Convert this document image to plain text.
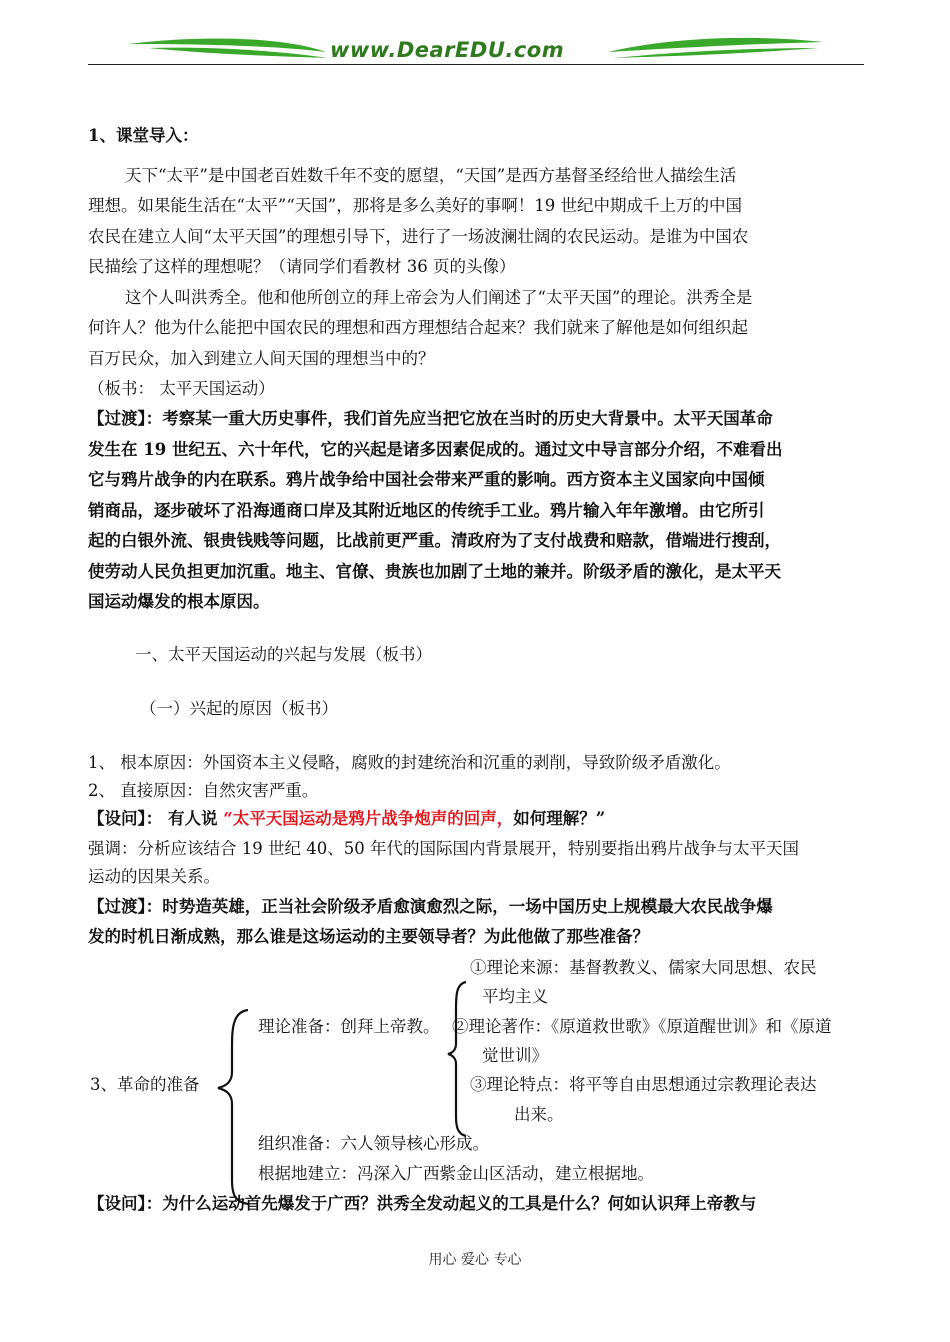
www.DearEDU.com
1、课堂导入：
天下“太平”是中国老百姓数千年不变的愿望，“天国”是西方基督圣经给世人描绘生活
理想。如果能生活在“太平”“天国”，那将是多么美好的事啊！19 世纪中期成千上万的中国
农民在建立人间“太平天国”的理想引导下，进行了一场波澜壮阔的农民运动。是谁为中国农
民描绘了这样的理想呢？（请同学们看教材 36 页的头像）
这个人叫洪秀全。他和他所创立的拜上帝会为人们阐述了“太平天国”的理论。洪秀全是
何许人？他为什么能把中国农民的理想和西方理想结合起来？我们就来了解他是如何组织起
百万民众，加入到建立人间天国的理想当中的？
（板书： 太平天国运动）
【过渡】：考察某一重大历史事件，我们首先应当把它放在当时的历史大背景中。太平天国革命
发生在 19 世纪五、六十年代，它的兴起是诸多因素促成的。通过文中导言部分介绍，不难看出
它与鸦片战争的内在联系。鸦片战争给中国社会带来严重的影响。西方资本主义国家向中国倾
销商品，逐步破坏了沿海通商口岸及其附近地区的传统手工业。鸦片输入年年激增。由它所引
起的白银外流、银贵钱贱等问题，比战前更严重。清政府为了支付战费和赔款，借端进行搜刮，
使劳动人民负担更加沉重。地主、官僚、贵族也加剧了土地的兼并。阶级矛盾的激化，是太平天
国运动爆发的根本原因。
一、太平天国运动的兴起与发展（板书）
（一）兴起的原因（板书）
1、 根本原因：外国资本主义侵略，腐败的封建统治和沉重的剥削，导致阶级矛盾激化。
2、 直接原因：自然灾害严重。
【设问】： 有人说 “太平天国运动是鸦片战争炮声的回声，如何理解？”
强调：分析应该结合 19 世纪 40、50 年代的国际国内背景展开，特别要指出鸦片战争与太平天国
运动的因果关系。
【过渡】：时势造英雄，正当社会阶级矛盾愈演愈烈之际，一场中国历史上规模最大农民战争爆
发的时机日渐成熟，那么谁是这场运动的主要领导者？为此他做了那些准备？
3、革命的准备
理论准备：创拜上帝教。
①理论来源：基督教教义、儒家大同思想、农民
平均主义
②理论著作：《原道救世歌》《原道醒世训》和《原道
觉世训》
③理论特点：将平等自由思想通过宗教理论表达
出来。
组织准备：六人领导核心形成。
根据地建立：冯深入广西紫金山区活动，建立根据地。
【设问】：为什么运动首先爆发于广西？洪秀全发动起义的工具是什么？何如认识拜上帝教与
用心 爱心 专心
